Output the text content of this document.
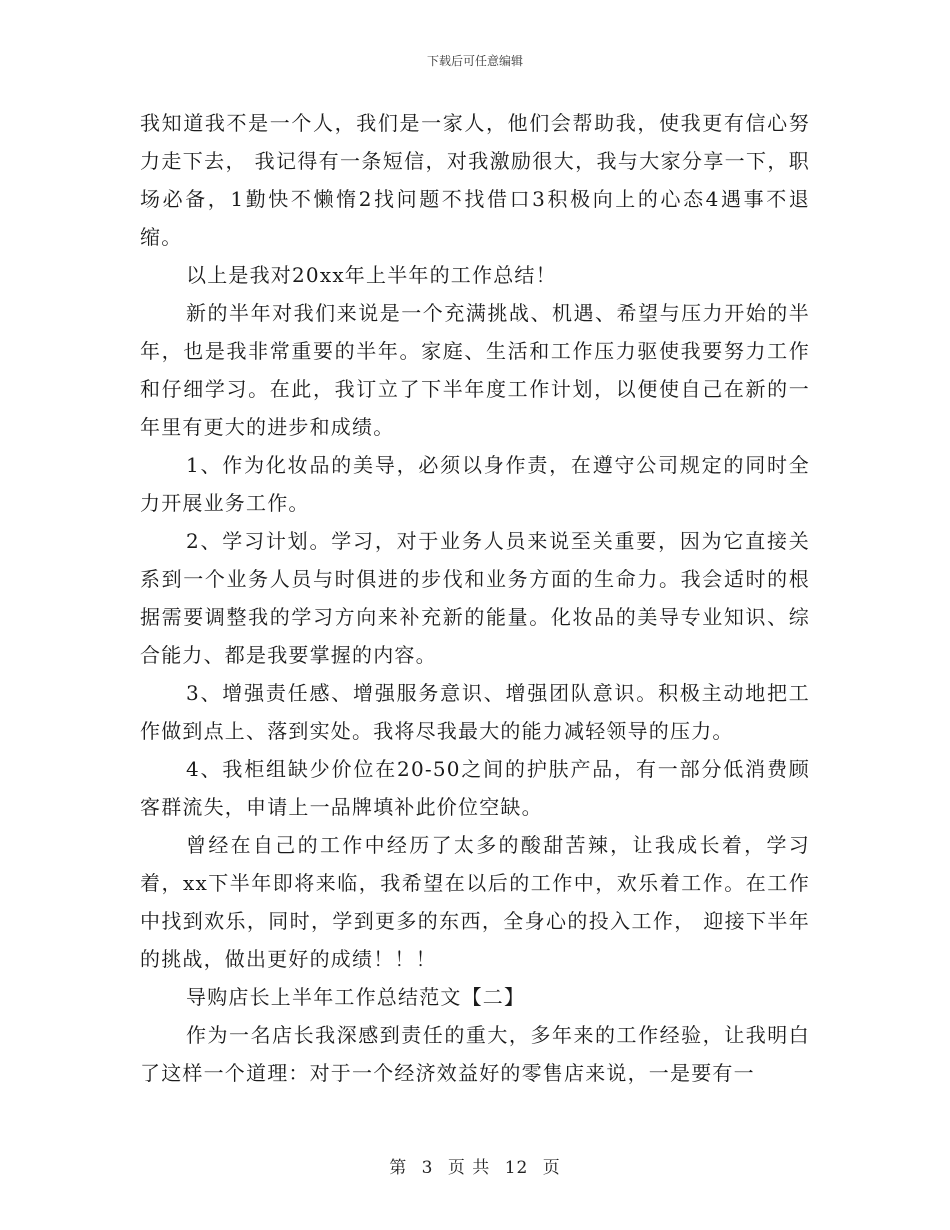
下载后可任意编辑

我知道我不是一个人，我们是一家人，他们会帮助我，使我更有信心努力走下去， 我记得有一条短信，对我激励很大，我与大家分享一下，职场必备，1勤快不懒惰2找问题不找借口3积极向上的心态4遇事不退缩。

以上是我对20xx年上半年的工作总结！

新的半年对我们来说是一个充满挑战、机遇、希望与压力开始的半年，也是我非常重要的半年。家庭、生活和工作压力驱使我要努力工作和仔细学习。在此，我订立了下半年度工作计划，以便使自己在新的一年里有更大的进步和成绩。

1、作为化妆品的美导，必须以身作责，在遵守公司规定的同时全力开展业务工作。

2、学习计划。学习，对于业务人员来说至关重要，因为它直接关系到一个业务人员与时俱进的步伐和业务方面的生命力。我会适时的根据需要调整我的学习方向来补充新的能量。化妆品的美导专业知识、综合能力、都是我要掌握的内容。

3、增强责任感、增强服务意识、增强团队意识。积极主动地把工作做到点上、落到实处。我将尽我最大的能力减轻领导的压力。

4、我柜组缺少价位在20-50之间的护肤产品，有一部分低消费顾客群流失，申请上一品牌填补此价位空缺。

曾经在自己的工作中经历了太多的酸甜苦辣，让我成长着，学习着，xx下半年即将来临，我希望在以后的工作中，欢乐着工作。在工作中找到欢乐，同时，学到更多的东西，全身心的投入工作， 迎接下半年的挑战，做出更好的成绩！！！

导购店长上半年工作总结范文【二】

作为一名店长我深感到责任的重大，多年来的工作经验，让我明白了这样一个道理：对于一个经济效益好的零售店来说，一是要有一

第 3 页 共 12 页
